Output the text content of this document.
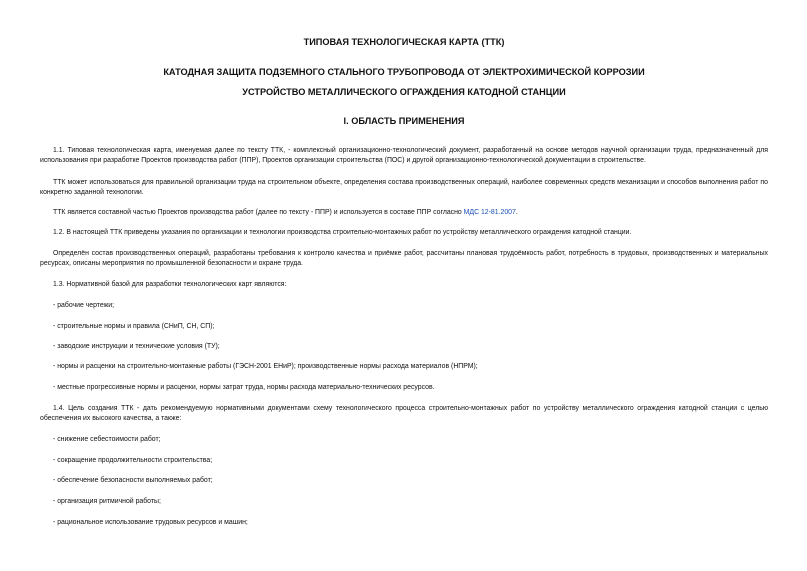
ТИПОВАЯ ТЕХНОЛОГИЧЕСКАЯ КАРТА (ТТК)
КАТОДНАЯ ЗАЩИТА ПОДЗЕМНОГО СТАЛЬНОГО ТРУБОПРОВОДА ОТ ЭЛЕКТРОХИМИЧЕСКОЙ КОРРОЗИИ
УСТРОЙСТВО МЕТАЛЛИЧЕСКОГО ОГРАЖДЕНИЯ КАТОДНОЙ СТАНЦИИ
I. ОБЛАСТЬ ПРИМЕНЕНИЯ

1.1. Типовая технологическая карта, именуемая далее по тексту ТТК, - комплексный организационно-технологический документ, разработанный на основе методов научной организации труда, предназначенный для использования при разработке Проектов производства работ (ППР), Проектов организации строительства (ПОС) и другой организационно-технологической документации в строительстве.

ТТК может использоваться для правильной организации труда на строительном объекте, определения состава производственных операций, наиболее современных средств механизации и способов выполнения работ по конкретно заданной технологии.

ТТК является составной частью Проектов производства работ (далее по тексту - ППР) и используется в составе ППР согласно МДС 12-81.2007.

1.2. В настоящей ТТК приведены указания по организации и технологии производства строительно-монтажных работ по устройству металлического ограждения катодной станции.

Определён состав производственных операций, разработаны требования к контролю качества и приёмке работ, рассчитаны плановая трудоёмкость работ, потребность в трудовых, производственных и материальных ресурсах, описаны мероприятия по промышленной безопасности и охране труда.

1.3. Нормативной базой для разработки технологических карт являются:

- рабочие чертежи;

- строительные нормы и правила (СНиП, СН, СП);

- заводские инструкции и технические условия (ТУ);

- нормы и расценки на строительно-монтажные работы (ГЭСН-2001 ЕНиР); производственные нормы расхода материалов (НПРМ);

- местные прогрессивные нормы и расценки, нормы затрат труда, нормы расхода материально-технических ресурсов.

1.4. Цель создания ТТК - дать рекомендуемую нормативными документами схему технологического процесса строительно-монтажных работ по устройству металлического ограждения катодной станции с целью обеспечения их высокого качества, а также:

- снижение себестоимости работ;

- сокращение продолжительности строительства;

- обеспечение безопасности выполняемых работ;

- организация ритмичной работы;

- рациональное использование трудовых ресурсов и машин;
